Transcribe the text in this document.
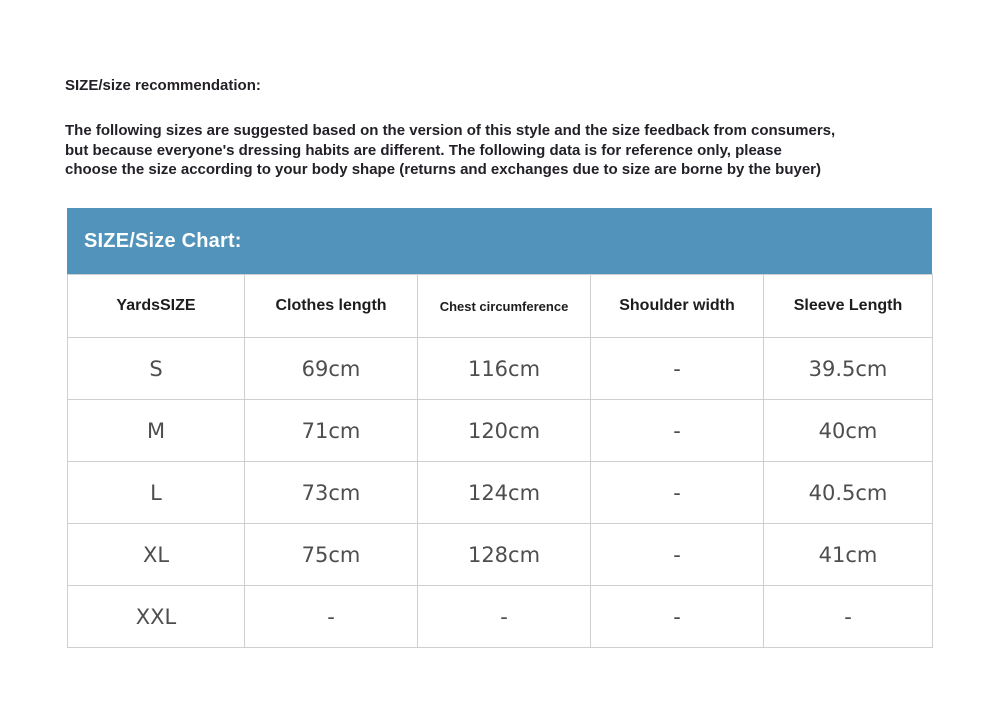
SIZE/size recommendation:
The following sizes are suggested based on the version of this style and the size feedback from consumers,
but because everyone's dressing habits are different. The following data is for reference only, please
choose the size according to your body shape (returns and exchanges due to size are borne by the buyer)
SIZE/Size Chart:
YardsSIZE	Clothes length	Chest circumference	Shoulder width	Sleeve Length
S	69cm	116cm	-	39.5cm
M	71cm	120cm	-	40cm
L	73cm	124cm	-	40.5cm
XL	75cm	128cm	-	41cm
XXL	-	-	-	-
